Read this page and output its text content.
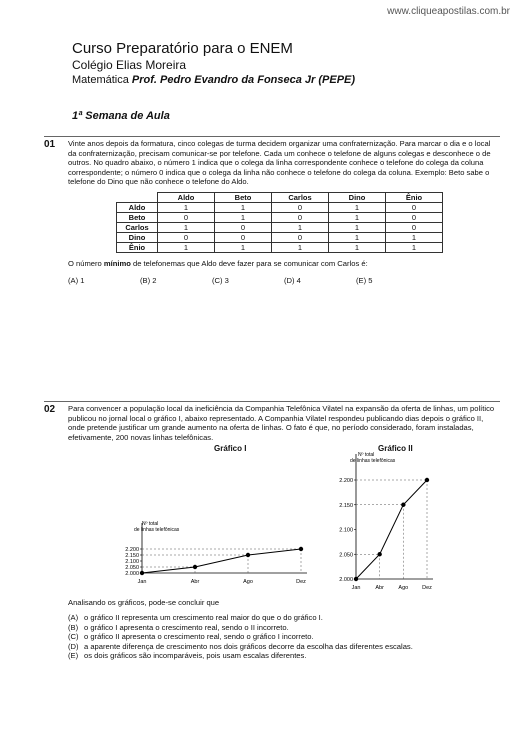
www.cliqueapostilas.com.br
Curso Preparatório para o ENEM
Colégio Elias Moreira
Matemática Prof. Pedro Evandro da Fonseca Jr (PEPE)
1ª Semana de Aula
01 Vinte anos depois da formatura, cinco colegas de turma decidem organizar uma confraternização. Para marcar o dia e o local
da confraternização, precisam comunicar-se por telefone. Cada um conhece o telefone de alguns colegas e desconhece o de
outros. No quadro abaixo, o número 1 indica que o colega da linha correspondente conhece o telefone do colega da coluna
correspondente; o número 0 indica que o colega da linha não conhece o telefone do colega da coluna. Exemplo: Beto sabe o
telefone do Dino que não conhece o telefone do Aldo.
	Aldo	Beto	Carlos	Dino	Ênio
Aldo	1	1	0	1	0
Beto	0	1	0	1	0
Carlos	1	0	1	1	0
Dino	0	0	0	1	1
Ênio	1	1	1	1	1
O número mínimo de telefonemas que Aldo deve fazer para se comunicar com Carlos é:
(A) 1	(B) 2	(C) 3	(D) 4	(E) 5
02 Para convencer a população local da ineficiência da Companhia Telefônica Vilatel na expansão da oferta de linhas, um político
publicou no jornal local o gráfico I, abaixo representado. A Companhia Vilatel respondeu publicando dias depois o gráfico II,
onde pretende justificar um grande aumento na oferta de linhas. O fato é que, no período considerado, foram instaladas,
efetivamente, 200 novas linhas telefônicas.
Gráfico I	Gráfico II
Nº total
de linhas telefônicas
2.200
2.150
2.100
2.050
2.000
Jan	Abr	Ago	Dez
Nº total
de linhas telefônicas
2.200
2.150
2.100
2.050
2.000
Jan	Abr	Ago	Dez
Analisando os gráficos, pode-se concluir que
(A) o gráfico II representa um crescimento real maior do que o do gráfico I.
(B) o gráfico I apresenta o crescimento real, sendo o II incorreto.
(C) o gráfico II apresenta o crescimento real, sendo o gráfico I incorreto.
(D) a aparente diferença de crescimento nos dois gráficos decorre da escolha das diferentes escalas.
(E) os dois gráficos são incomparáveis, pois usam escalas diferentes.
